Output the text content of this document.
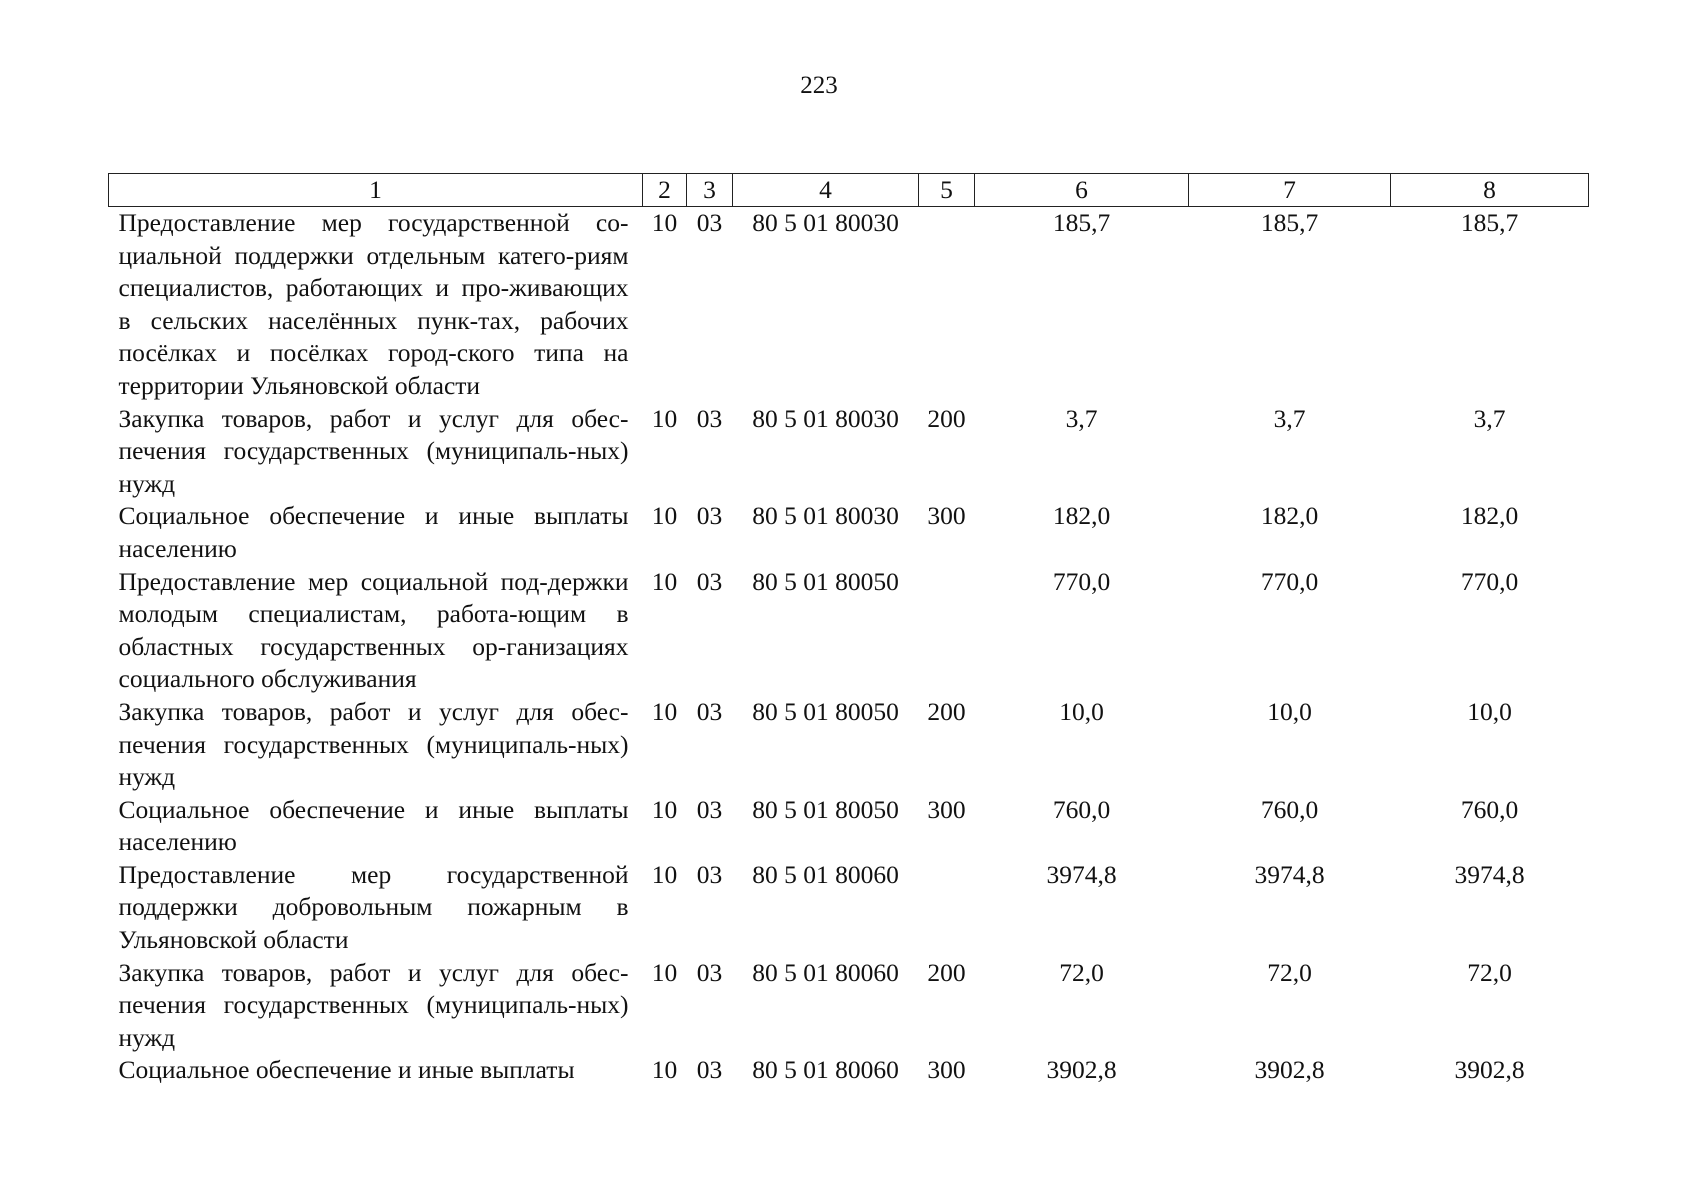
223
1	2	3	4	5	6	7	8
Предоставление мер государственной со-циальной поддержки отдельным катего-риям специалистов, работающих и про-живающих в сельских населённых пунк-тах, рабочих посёлках и посёлках город-ского типа на территории Ульяновской области	10	03	80 5 01 80030		185,7	185,7	185,7
Закупка товаров, работ и услуг для обес-печения государственных (муниципаль-ных) нужд	10	03	80 5 01 80030	200	3,7	3,7	3,7
Социальное обеспечение и иные выплаты населению	10	03	80 5 01 80030	300	182,0	182,0	182,0
Предоставление мер социальной под-держки молодым специалистам, работа-ющим в областных государственных ор-ганизациях социального обслуживания	10	03	80 5 01 80050		770,0	770,0	770,0
Закупка товаров, работ и услуг для обес-печения государственных (муниципаль-ных) нужд	10	03	80 5 01 80050	200	10,0	10,0	10,0
Социальное обеспечение и иные выплаты населению	10	03	80 5 01 80050	300	760,0	760,0	760,0
Предоставление мер государственной поддержки добровольным пожарным в Ульяновской области	10	03	80 5 01 80060		3974,8	3974,8	3974,8
Закупка товаров, работ и услуг для обес-печения государственных (муниципаль-ных) нужд	10	03	80 5 01 80060	200	72,0	72,0	72,0
Социальное обеспечение и иные выплаты	10	03	80 5 01 80060	300	3902,8	3902,8	3902,8
